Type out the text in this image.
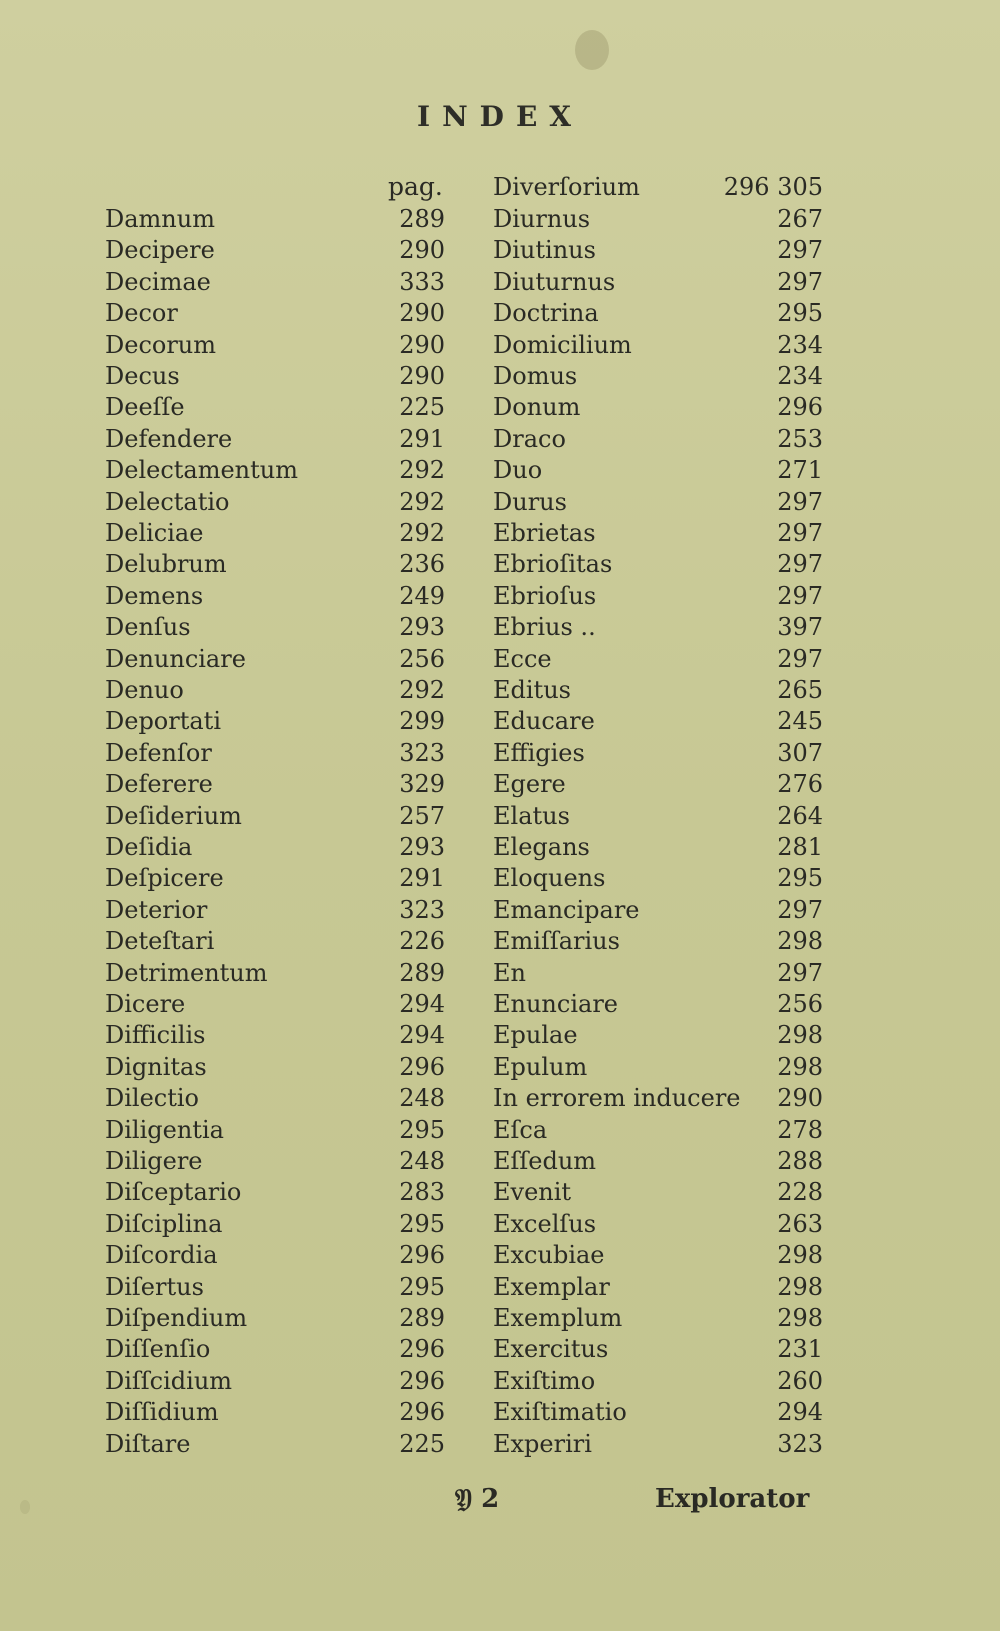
INDEX
pag.
Damnum	289
Decipere	290
Decimae	333
Decor	290
Decorum	290
Decus	290
Deeſſe	225
Defendere	291
Delectamentum	292
Delectatio	292
Deliciae	292
Delubrum	236
Demens	249
Denſus	293
Denunciare	256
Denuo	292
Deportati	299
Defenſor	323
Deferere	329
Deſiderium	257
Deſidia	293
Deſpicere	291
Deterior	323
Deteſtari	226
Detrimentum	289
Dicere	294
Difficilis	294
Dignitas	296
Dilectio	248
Diligentia	295
Diligere	248
Diſceptario	283
Diſciplina	295
Diſcordia	296
Diſertus	295
Diſpendium	289
Diſſenſio	296
Diſſcidium	296
Diſſidium	296
Diſtare	225
Diurnus	267
Diutinus	297
Diuturnus	297
Doctrina	295
Domicilium	234
Domus	234
Donum	296
Draco	253
Duo	271
Durus	297
Ebrietas	297
Ebrioſitas	297
Ebrioſus	297
Ebrius ..	397
Ecce	297
Editus	265
Educare	245
Effigies	307
Egere	276
Elatus	264
Elegans	281
Eloquens	295
Emancipare	297
Emiſſarius	298
En	297
Enunciare	256
Epulae	298
Epulum	298
In errorem inducere 290
Eſca	278
Eſſedum	288
Evenit	228
Excelſus	263
Excubiae	298
Exemplar	298
Exemplum	298
Exercitus	231
Exiſtimo	260
Exiſtimatio	294
Experiri	323
Diverſorium	296 305
𝔜 2	Explorator
